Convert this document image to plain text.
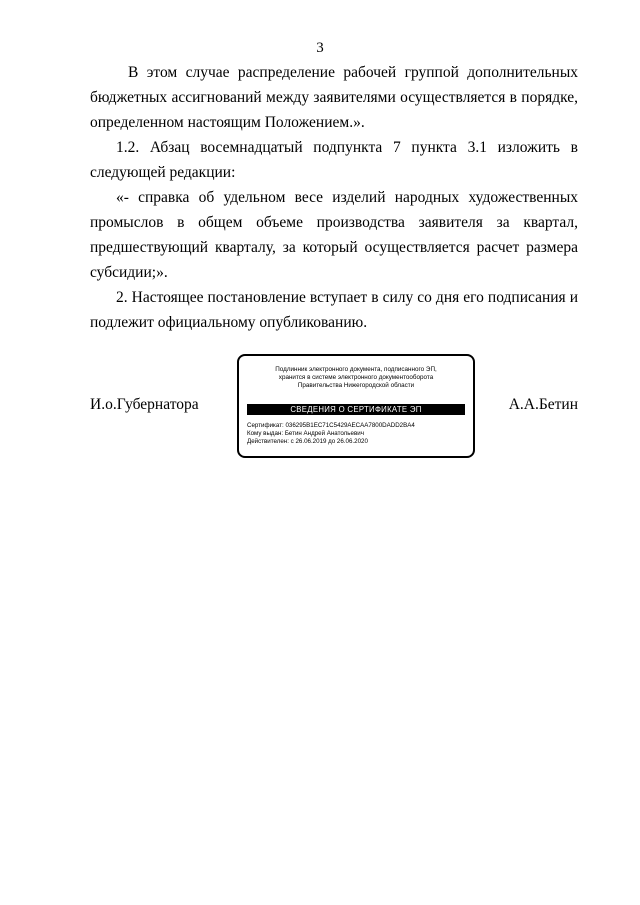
3

В этом случае распределение рабочей группой дополнительных бюджетных ассигнований между заявителями осуществляется в порядке, определенном настоящим Положением.».

1.2. Абзац восемнадцатый подпункта 7 пункта 3.1 изложить в следующей редакции:

«- справка об удельном весе изделий народных художественных промыслов в общем объеме производства заявителя за квартал, предшествующий кварталу, за который осуществляется расчет размера субсидии;».

2. Настоящее постановление вступает в силу со дня его подписания и подлежит официальному опубликованию.

И.о.Губернатора
Подлинник электронного документа, подписанного ЭП,
хранится в системе электронного документооборота
Правительства Нижегородской области
СВЕДЕНИЯ О СЕРТИФИКАТЕ ЭП
Сертификат: 036295B1EC71C5429AECAA7800DADD2BA4
Кому выдан: Бетин Андрей Анатольевич
Действителен: с 26.06.2019 до 26.06.2020
А.А.Бетин
